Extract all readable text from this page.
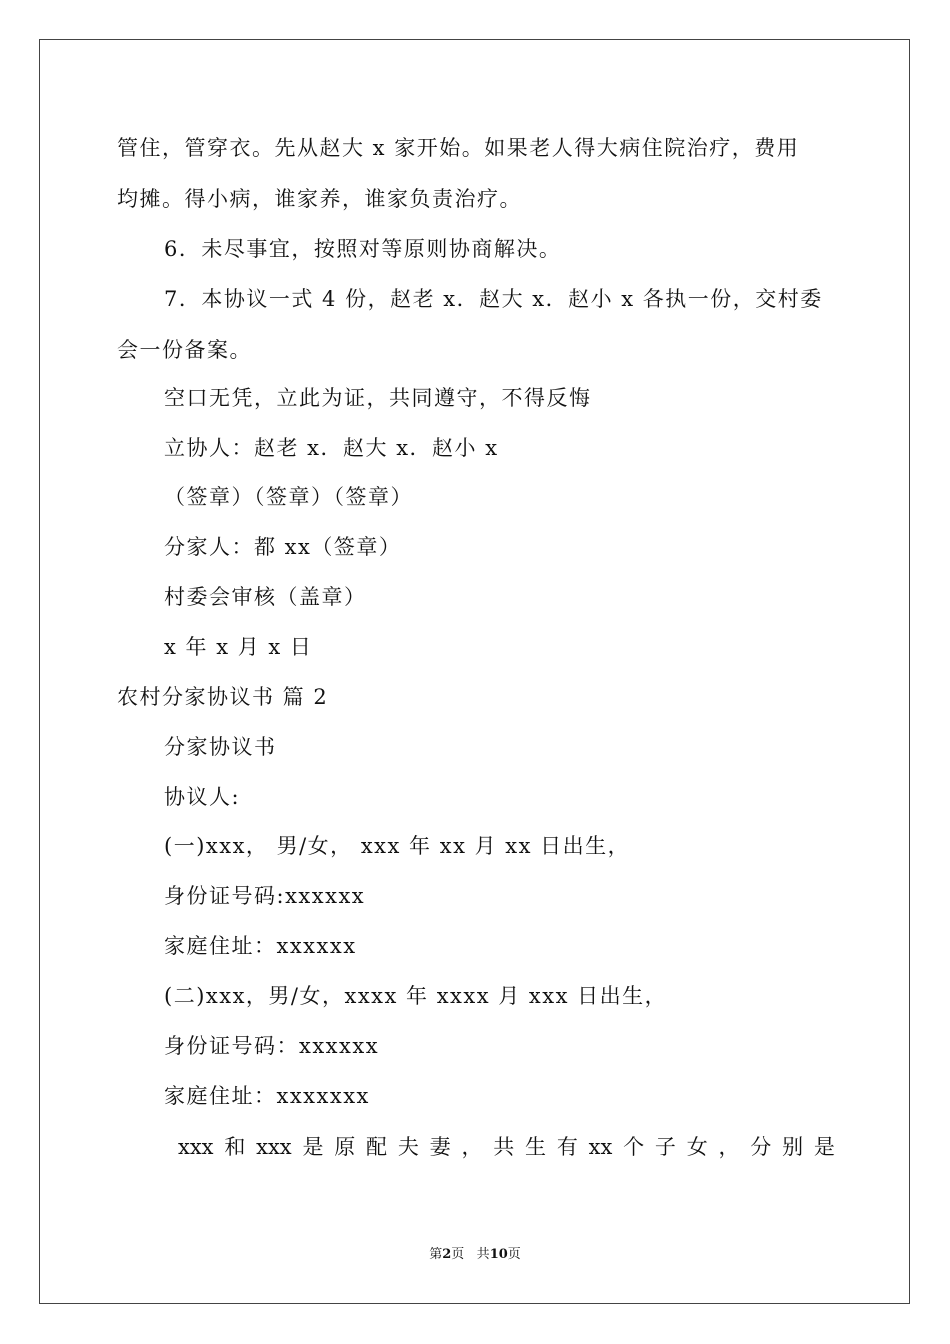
管住，管穿衣。先从赵大 x 家开始。如果老人得大病住院治疗，费用
均摊。得小病，谁家养，谁家负责治疗。
6．未尽事宜，按照对等原则协商解决。
7．本协议一式 4 份，赵老 x．赵大 x．赵小 x 各执一份，交村委
会一份备案。
空口无凭，立此为证，共同遵守，不得反悔
立协人：赵老 x．赵大 x．赵小 x
（签章）（签章）（签章）
分家人：都 xx（签章）
村委会审核（盖章）
x 年 x 月 x 日
农村分家协议书 篇 2
分家协议书
协议人:
(一)xxx， 男/女， xxx 年 xx 月 xx 日出生，
身份证号码:xxxxxx
家庭住址：xxxxxx
(二)xxx，男/女，xxxx 年 xxxx 月 xxx 日出生，
身份证号码：xxxxxx
家庭住址：xxxxxxx
xxx 和 xxx 是 原 配 夫 妻 ， 共 生 有 xx 个 子 女 ， 分 别 是
第2页 共10页
